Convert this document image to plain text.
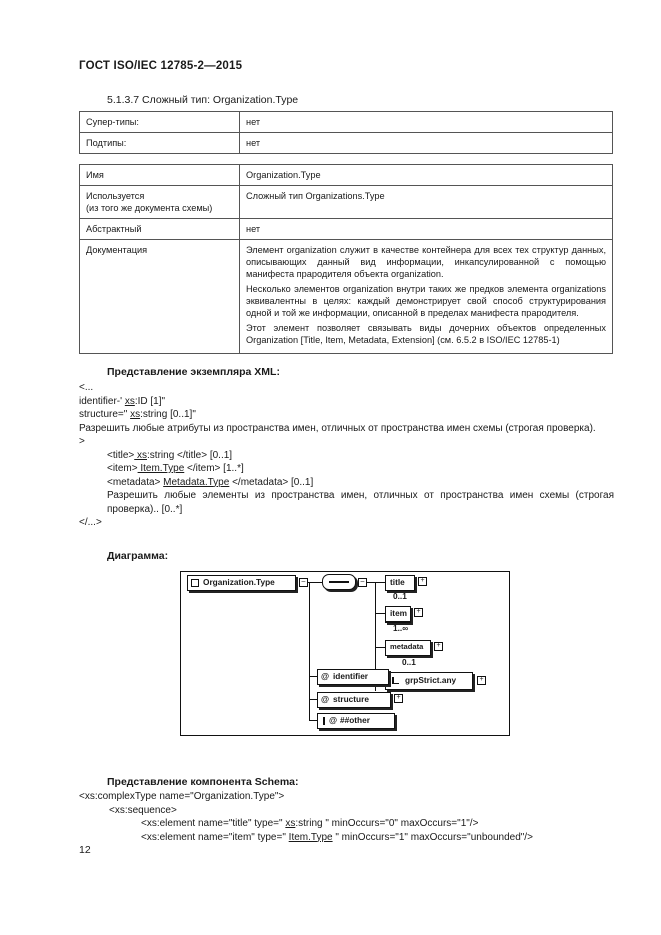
ГОСТ ISO/IEC 12785-2—2015
5.1.3.7 Сложный тип: Organization.Type
Супер-типы:	нет
Подтипы:	нет
Имя	Organization.Type

Используется
(из того же документа схемы)	Сложный тип Organizations.Type
Абстрактный	нет
Документация	Элемент organization служит в качестве контейнера для всех тех структур данных, описывающих данный вид информации, инкапсулированной с помощью манифеста прародителя объекта organization.

Несколько элементов organization внутри таких же предков элемента organizations эквивалентны в целях: каждый демонстрирует свой способ структурирования одной и той же информации, описанной в пределах манифеста прародителя.

Этот элемент позволяет связывать виды дочерних объектов определенных Organization [Title, Item, Metadata, Extension] (см. 6.5.2 в ISO/IEC 12785-1)

Представление экземпляра XML:
<...
identifier-' xs:ID [1]"
structure=" xs:string [0..1]"
Разрешить любые атрибуты из пространства имен, отличных от пространства имен схемы (строгая проверка).
>
<title> xs:string </title> [0..1]
<item> Item.Type </item> [1..*]
<metadata> Metadata.Type </metadata> [0..1]
Разрешить любые элементы из пространства имен, отличных от пространства имен схемы (строгая проверка).. [0..*]
</...>
Диаграмма:
Organization.Type	–	–	title	+
0..1
item	+
1..∞
metadata	+
0..1
grpStrict.any	+
@ structure	+
@ identifier
@ ##other
Представление компонента Schema:
<xs:complexType name="Organization.Type">
<xs:sequence>
<xs:element name="title" type=" xs:string " minOccurs="0" maxOccurs="1"/>
<xs:element name="item" type=" Item.Type " minOccurs="1" maxOccurs="unbounded"/>
12
